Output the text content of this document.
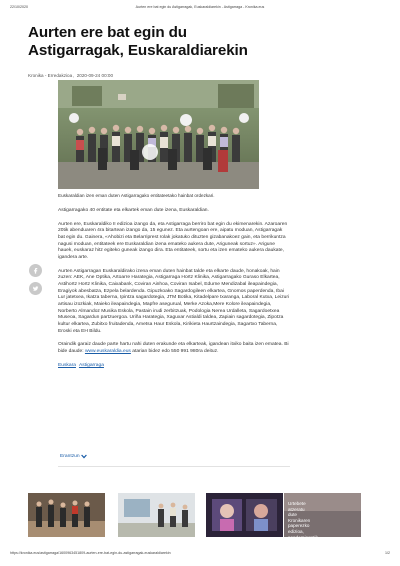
22/10/2020	Aurten ere bat egin du Astigarragak, Euskaraldiarekin - Astigarraga - Kronika.eus
Aurten ere bat egin du Astigarragak, Euskaraldiarekin
Kronika - Erredakzioa, 2020-09-24 00:00
Euskaraldian izen eman duten Astigarragako entitateetako hainbat ordezkari.

Astigarragako 40 entitate eta elkartek eman dute izena, Euskaraldian.

Aurten ere, Euskaraldiko II edizioa izango da, eta Astigarraga berriro bat egin du ekimenarekin. Azaroaren 20tik abenduaren 4ra bitartean izango da, 15 egunez. Eta aurtengoan ere, aipatu moduan, Astigarragak bat egin du. Gainera, «Ahobizi eta Belarriprest rolak jokatuko dituzten gizabanakoez gain, eta berrikuntza nagusi moduan, entitateek ere Euskaraldian izena emateko aukera dute, Ariguneak sortuz». Arigune hauek, euskaraz hitz egiteko guneak izango dira. Eta entitateek, sortu eta izen emateko aukera daukate, igandera arte.

Aurten Astigarragan Euskaraldirako izena eman duten hainbat talde eta elkarte daude, honakoak, hain zuzen: AEK, Ane Optika, Artoarre Harategia, Astigarraga Hortz Klinika, Astigarragako Guraso Elkartea, Astihortz Hortz Klinika, Caixabank, Coviran Ainhoa, Coviran Isabel, Edurne Mendizabal ileapaindegia, Eragiyok abesbatza, Ezpela belardenda. Gipuzkoako Sagardogileen elkartea, Gnomos paperdenda, Ibai Lur jatetxea, Ikatza taberna, Ipintza sagardotegia, JTM Botika, Kitadelpare txaranga, Laboral Kutxa, Leizuri artisau izozkiak, Maieko ileapaindegia, Mapfre asegurual, Merke Azoka,Mere Kolore ileapaindegia, Norberto Almandoz Musika Eskola, Pastain irudi zerbitzuak, Podologia Nerea Urdalleta, Sagardoetxea Museoa, Sagardun partzuergoa. Uriña Harategia, Xaguxar Astialdi taldea, Zapiain sagardotegia, Zipotza kultur elkartea, Zubitxo fruitadenda, Ametsa Haur Eskola, Kirikieta Haurtzaindegia, Sagartxo Taberna, Eroski eta EH Bildu.

Oraindik garaiz daude parte hartu nahi duten erakunde eta elkarteak, igandean itxiko baita izen ematea. Bi bide daude: www.euskaraldia.eus atarian bidez edo 550 991 980ra deituz.

Euskara Astigarraga
Erantzun
Urtebete atzeratu dute Kronikaren paperezko edizioa, pandemiagatik
https://kronika.eus/astigarraga/1600963451809-aurten-ere-bat-egin-du-astigarragak-euskaraldiarekin	1/2
